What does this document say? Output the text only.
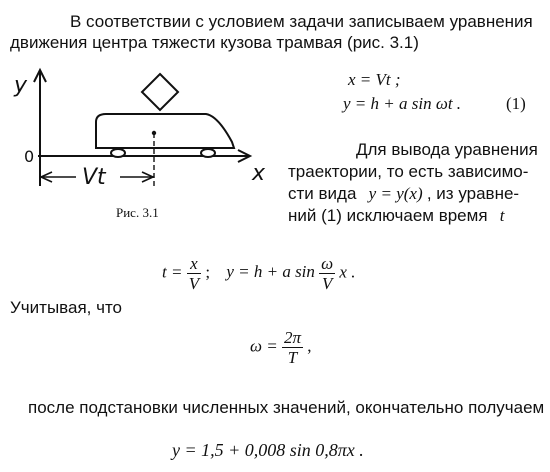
В соответствии с условием задачи записываем уравнения
движения центра тяжести кузова трамвая (рис. 3.1)
y
x
0
Vt
Рис. 3.1
x = Vt ;
y = h + a sin ωt .	(1)
Для вывода уравнения
траектории, то есть зависимо-
сти вида y = y(x) , из уравне-
ний (1) исключаем время t
$t = \frac{x}{V}$ ; y = h + a $\sin \frac{\omega}{V}$ x .
Учитывая, что
$\omega = \frac{2\pi}{T}$ ,
после подстановки численных значений, окончательно получаем
y = 1,5 + 0,008 sin 0,8πx .
